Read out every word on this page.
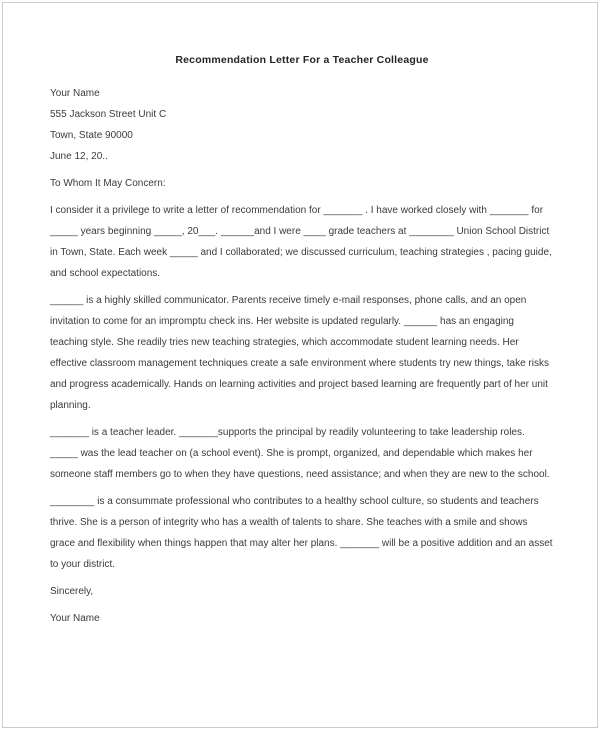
Recommendation Letter For a Teacher Colleague
Your Name
555 Jackson Street Unit C
Town, State 90000
June 12, 20..

To Whom It May Concern:

I consider it a privilege to write a letter of recommendation for _______ . I have worked closely with _______ for _____ years beginning _____, 20___. ______and I were ____ grade teachers at ________ Union School District in Town, State. Each week _____ and I collaborated; we discussed curriculum, teaching strategies , pacing guide, and school expectations.

______ is a highly skilled communicator. Parents receive timely e-mail responses, phone calls, and an open invitation to come for an impromptu check ins. Her website is updated regularly. ______ has an engaging teaching style. She readily tries new teaching strategies, which accommodate student learning needs. Her effective classroom management techniques create a safe environment where students try new things, take risks and progress academically. Hands on learning activities and project based learning are frequently part of her unit planning.

_______ is a teacher leader. _______supports the principal by readily volunteering to take leadership roles. _____ was the lead teacher on (a school event). She is prompt, organized, and dependable which makes her someone staff members go to when they have questions, need assistance; and when they are new to the school.

________ is a consummate professional who contributes to a healthy school culture, so students and teachers thrive. She is a person of integrity who has a wealth of talents to share. She teaches with a smile and shows grace and flexibility when things happen that may alter her plans. _______ will be a positive addition and an asset to your district.

Sincerely,

Your Name
